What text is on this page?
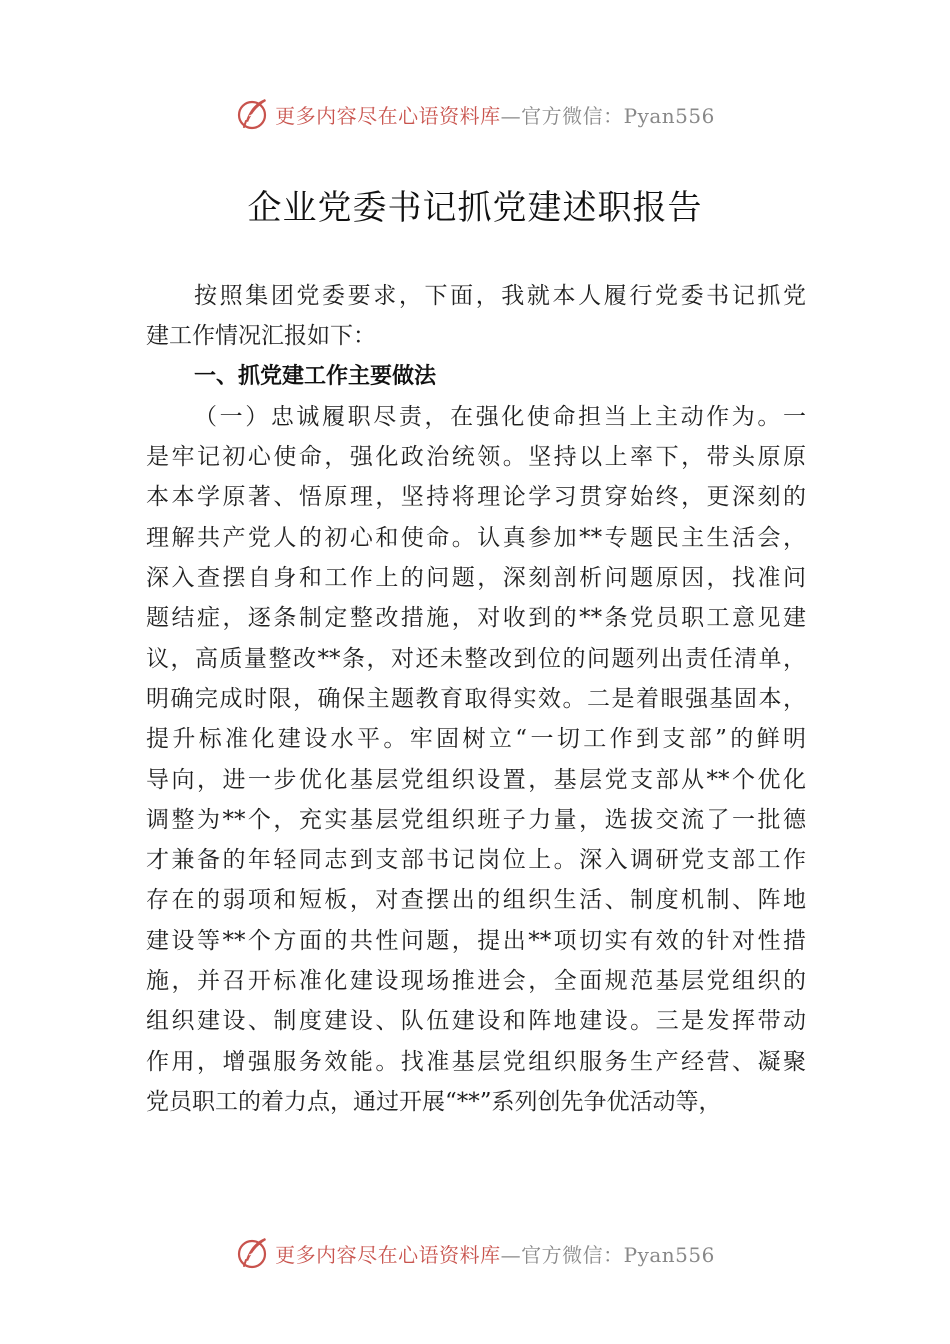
更多内容尽在心语资料库—官方微信：Pyan556
企业党委书记抓党建述职报告
按照集团党委要求，下面，我就本人履行党委书记抓党
建工作情况汇报如下：
一、抓党建工作主要做法
（一）忠诚履职尽责，在强化使命担当上主动作为。一
是牢记初心使命，强化政治统领。坚持以上率下，带头原原
本本学原著、悟原理，坚持将理论学习贯穿始终，更深刻的
理解共产党人的初心和使命。认真参加**专题民主生活会，
深入查摆自身和工作上的问题，深刻剖析问题原因，找准问
题结症，逐条制定整改措施，对收到的**条党员职工意见建
议，高质量整改**条，对还未整改到位的问题列出责任清单，
明确完成时限，确保主题教育取得实效。二是着眼强基固本，
提升标准化建设水平。牢固树立“一切工作到支部”的鲜明
导向，进一步优化基层党组织设置，基层党支部从**个优化
调整为**个，充实基层党组织班子力量，选拔交流了一批德
才兼备的年轻同志到支部书记岗位上。深入调研党支部工作
存在的弱项和短板，对查摆出的组织生活、制度机制、阵地
建设等**个方面的共性问题，提出**项切实有效的针对性措
施，并召开标准化建设现场推进会，全面规范基层党组织的
组织建设、制度建设、队伍建设和阵地建设。三是发挥带动
作用，增强服务效能。找准基层党组织服务生产经营、凝聚
党员职工的着力点，通过开展“**”系列创先争优活动等，
更多内容尽在心语资料库—官方微信：Pyan556
